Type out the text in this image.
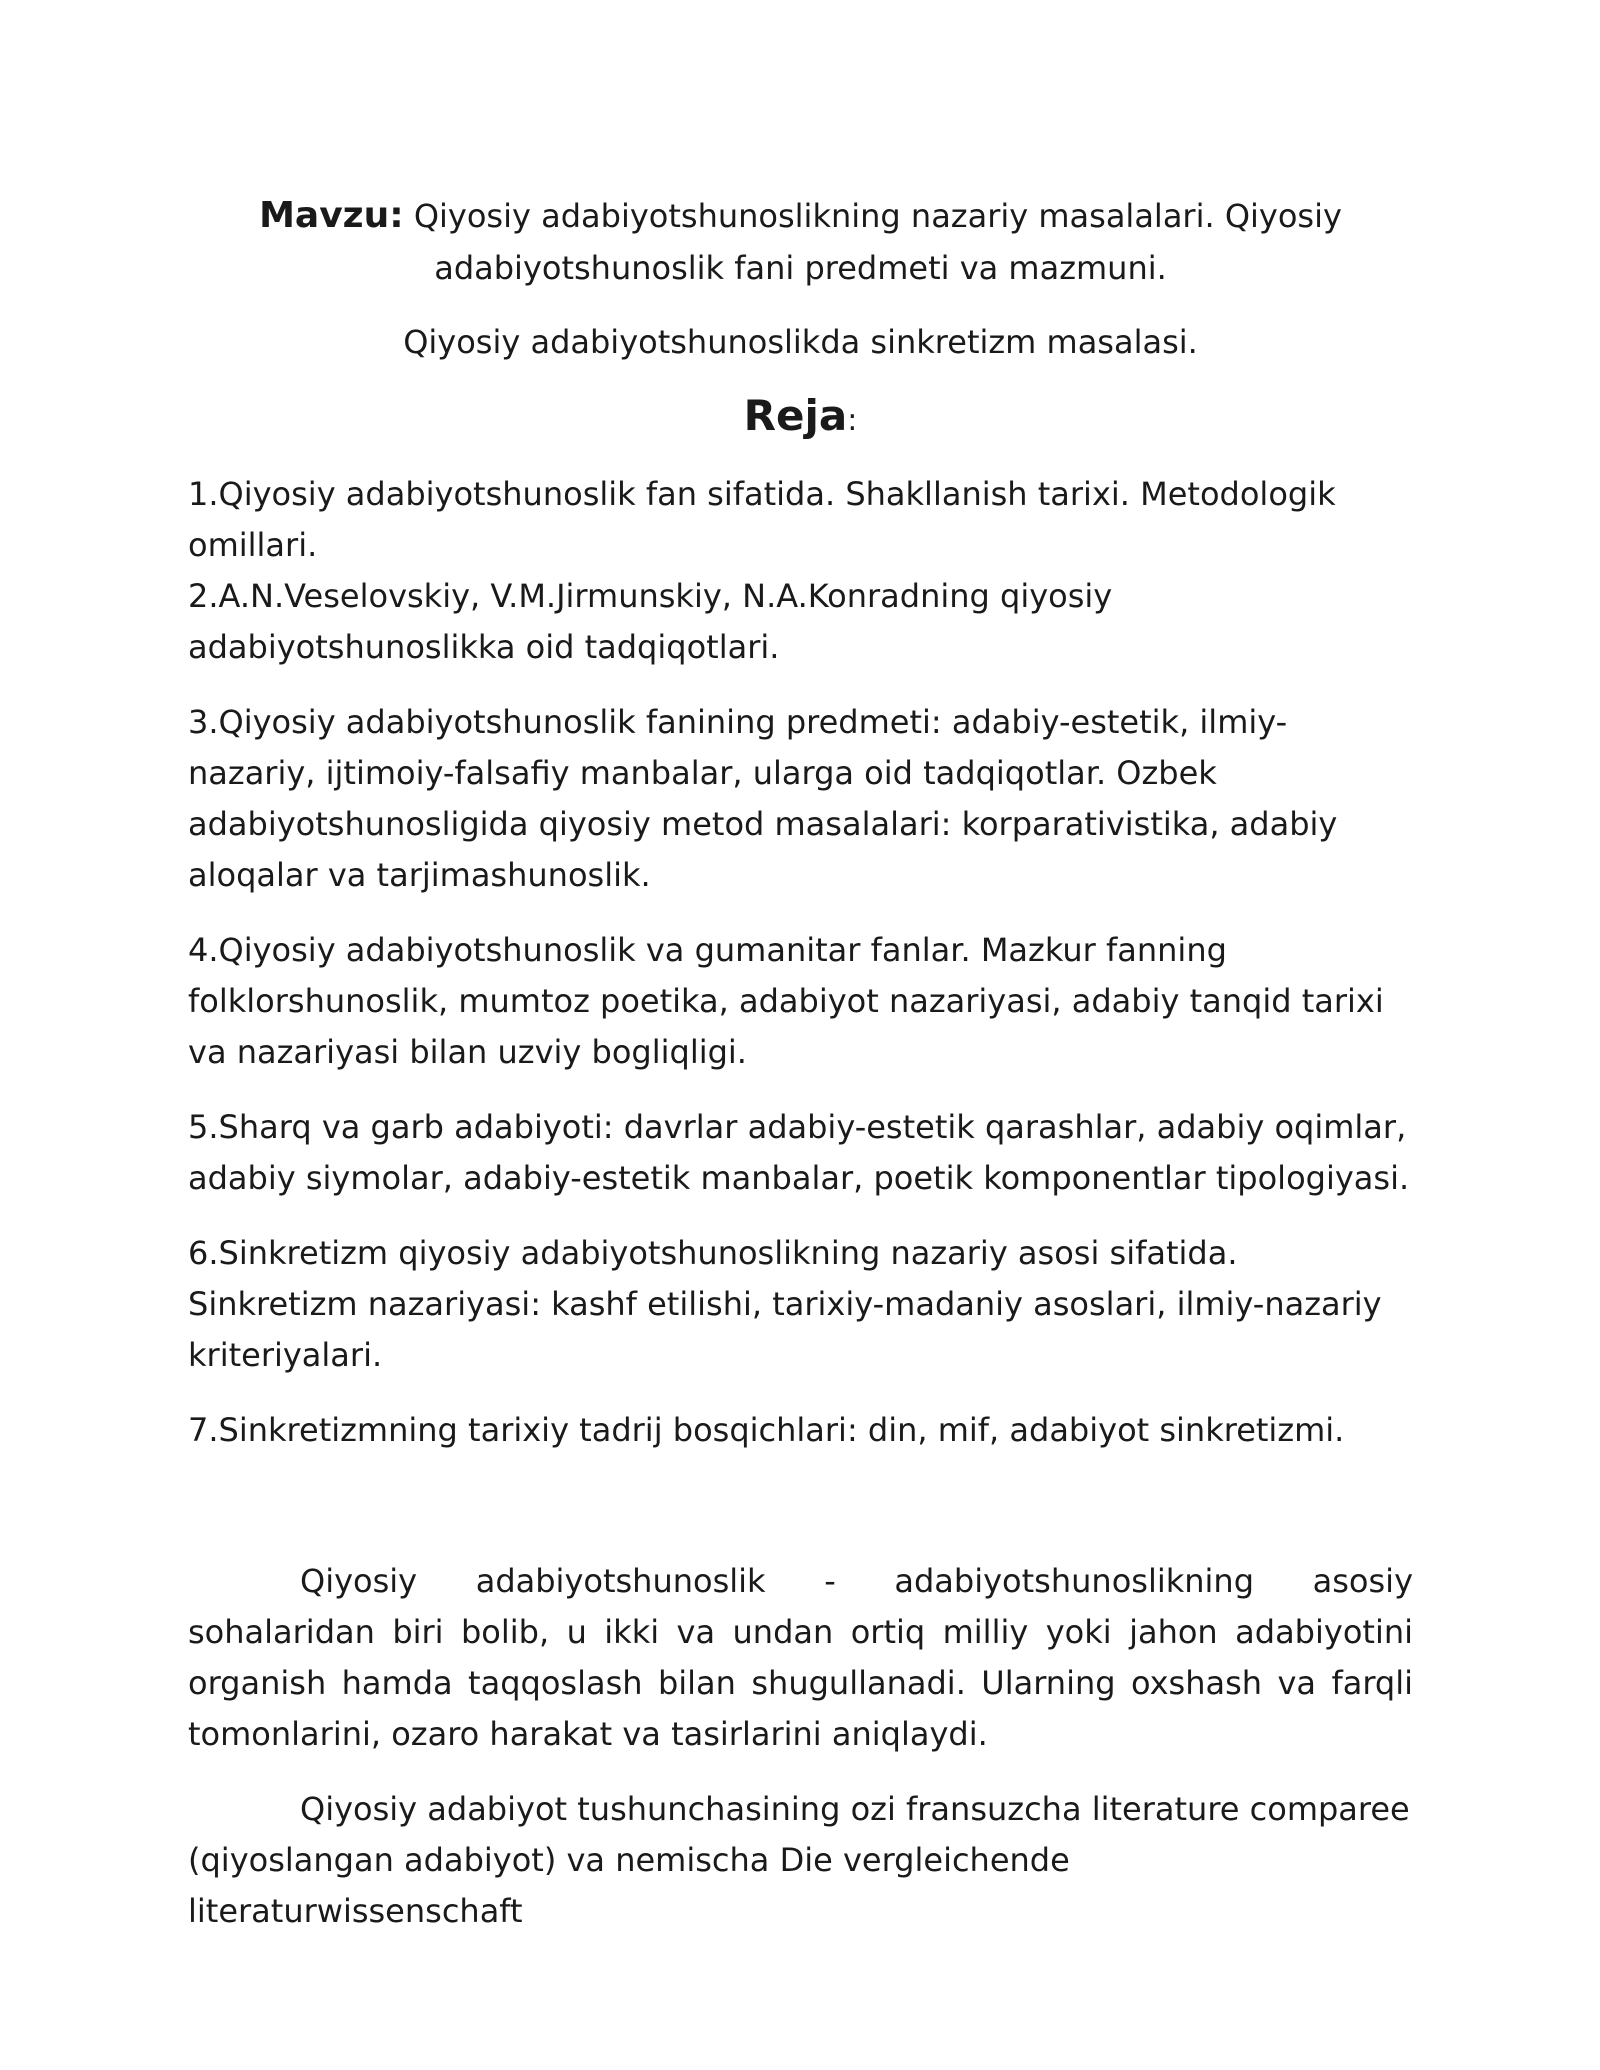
Mavzu: Qiyosiy adabiyotshunoslikning nazariy masalalari. Qiyosiy adabiyotshunoslik fani predmeti va mazmuni.

Qiyosiy adabiyotshunoslikda sinkretizm masalasi.

Reja:

1.Qiyosiy adabiyotshunoslik fan sifatida. Shakllanish tarixi. Metodologik omillari.

2.A.N.Veselovskiy, V.M.Jirmunskiy, N.A.Konradning qiyosiy adabiyotshunoslikka oid tadqiqotlari.

3.Qiyosiy adabiyotshunoslik fanining predmeti: adabiy-estetik, ilmiy-nazariy, ijtimoiy-falsafiy manbalar, ularga oid tadqiqotlar. Ozbek adabiyotshunosligida qiyosiy metod masalalari: korparativistika, adabiy aloqalar va tarjimashunoslik.

4.Qiyosiy adabiyotshunoslik va gumanitar fanlar. Mazkur fanning folklorshunoslik, mumtoz poetika, adabiyot nazariyasi, adabiy tanqid tarixi va nazariyasi bilan uzviy bogliqligi.

5.Sharq va garb adabiyoti: davrlar adabiy-estetik qarashlar, adabiy oqimlar, adabiy siymolar, adabiy-estetik manbalar, poetik komponentlar tipologiyasi.

6.Sinkretizm qiyosiy adabiyotshunoslikning nazariy asosi sifatida. Sinkretizm nazariyasi: kashf etilishi, tarixiy-madaniy asoslari, ilmiy-nazariy kriteriyalari.

7.Sinkretizmning tarixiy tadrij bosqichlari: din, mif, adabiyot sinkretizmi.

Qiyosiy adabiyotshunoslik - adabiyotshunoslikning asosiy sohalaridan biri bolib, u ikki va undan ortiq milliy yoki jahon adabiyotini organish hamda taqqoslash bilan shugullanadi. Ularning oxshash va farqli tomonlarini, ozaro harakat va tasirlarini aniqlaydi.

Qiyosiy adabiyot tushunchasining ozi fransuzcha literature comparee (qiyoslangan adabiyot) va nemischa Die vergleichende literaturwissenschaft
